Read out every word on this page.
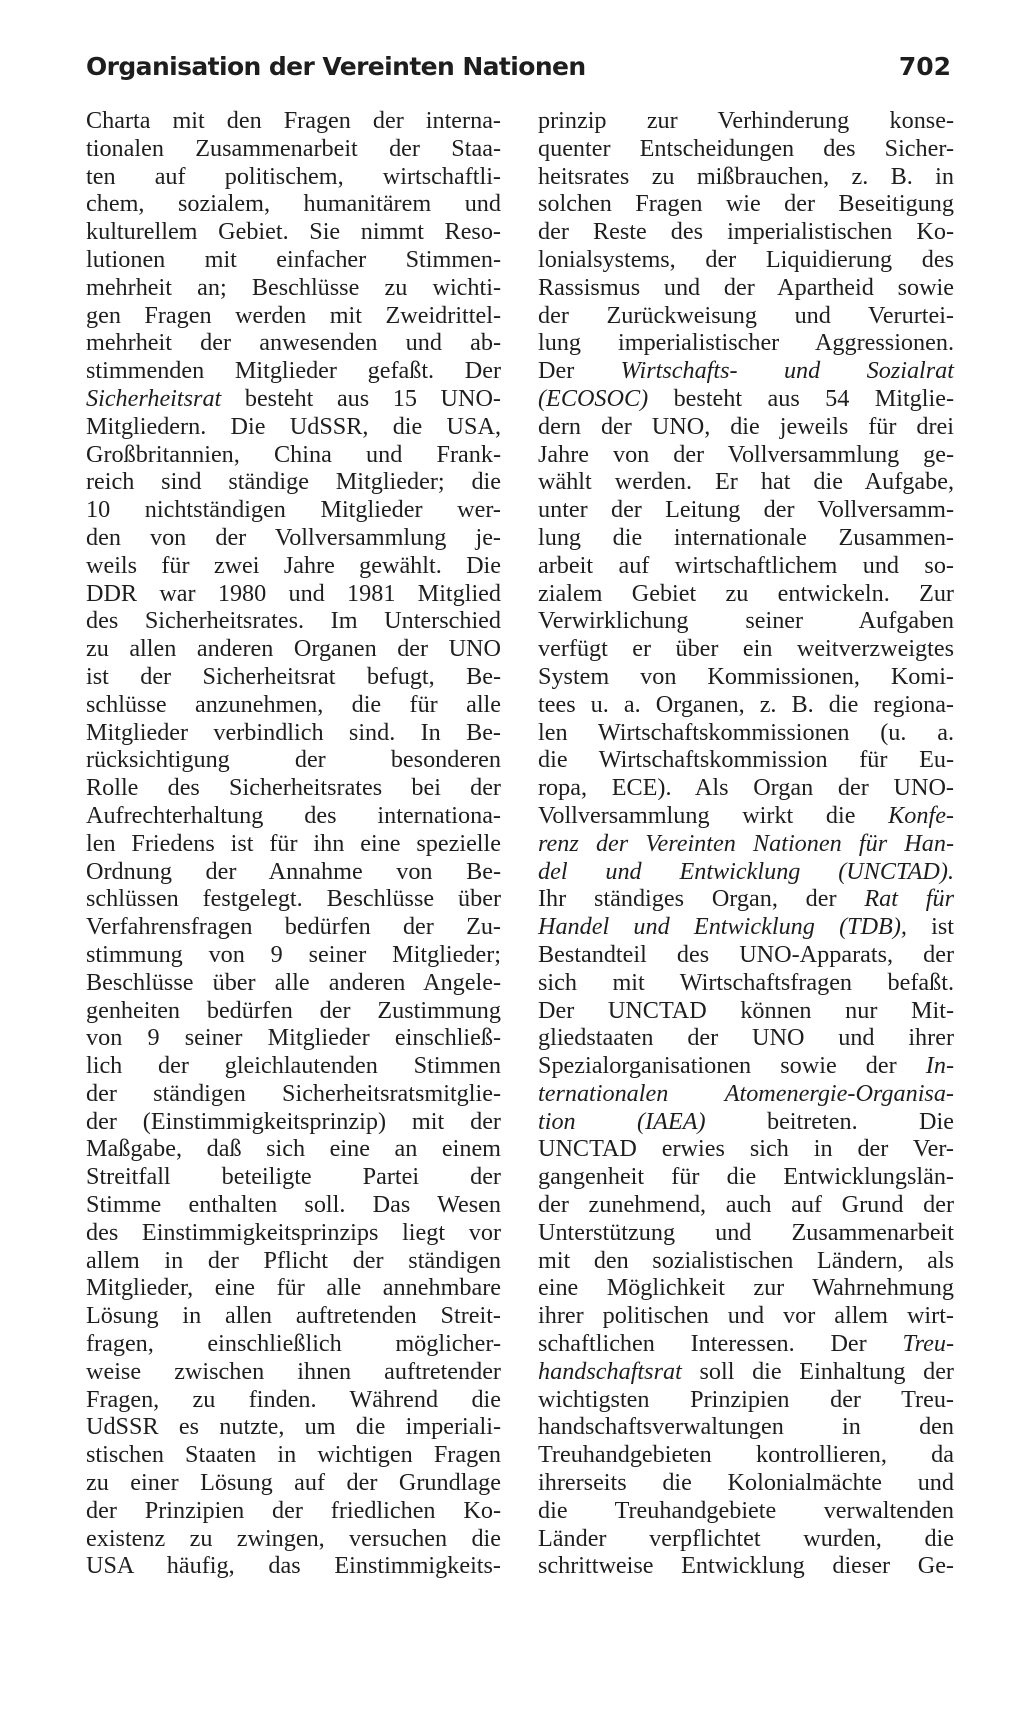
Organisation der Vereinten Nationen	702
Charta mit den Fragen der interna-
tionalen Zusammenarbeit der Staa-
ten auf politischem, wirtschaftli-
chem, sozialem, humanitärem und
kulturellem Gebiet. Sie nimmt Reso-
lutionen mit einfacher Stimmen-
mehrheit an; Beschlüsse zu wichti-
gen Fragen werden mit Zweidrittel-
mehrheit der anwesenden und ab-
stimmenden Mitglieder gefaßt. Der
Sicherheitsrat besteht aus 15 UNO-
Mitgliedern. Die UdSSR, die USA,
Großbritannien, China und Frank-
reich sind ständige Mitglieder; die
10 nichtständigen Mitglieder wer-
den von der Vollversammlung je-
weils für zwei Jahre gewählt. Die
DDR war 1980 und 1981 Mitglied
des Sicherheitsrates. Im Unterschied
zu allen anderen Organen der UNO
ist der Sicherheitsrat befugt, Be-
schlüsse anzunehmen, die für alle
Mitglieder verbindlich sind. In Be-
rücksichtigung der besonderen
Rolle des Sicherheitsrates bei der
Aufrechterhaltung des internationa-
len Friedens ist für ihn eine spezielle
Ordnung der Annahme von Be-
schlüssen festgelegt. Beschlüsse über
Verfahrensfragen bedürfen der Zu-
stimmung von 9 seiner Mitglieder;
Beschlüsse über alle anderen Angele-
genheiten bedürfen der Zustimmung
von 9 seiner Mitglieder einschließ-
lich der gleichlautenden Stimmen
der ständigen Sicherheitsratsmitglie-
der (Einstimmigkeitsprinzip) mit der
Maßgabe, daß sich eine an einem
Streitfall beteiligte Partei der
Stimme enthalten soll. Das Wesen
des Einstimmigkeitsprinzips liegt vor
allem in der Pflicht der ständigen
Mitglieder, eine für alle annehmbare
Lösung in allen auftretenden Streit-
fragen, einschließlich möglicher-
weise zwischen ihnen auftretender
Fragen, zu finden. Während die
UdSSR es nutzte, um die imperiali-
stischen Staaten in wichtigen Fragen
zu einer Lösung auf der Grundlage
der Prinzipien der friedlichen Ko-
existenz zu zwingen, versuchen die
USA häufig, das Einstimmigkeits-
prinzip zur Verhinderung konse-
quenter Entscheidungen des Sicher-
heitsrates zu mißbrauchen, z. B. in
solchen Fragen wie der Beseitigung
der Reste des imperialistischen Ko-
lonialsystems, der Liquidierung des
Rassismus und der Apartheid sowie
der Zurückweisung und Verurtei-
lung imperialistischer Aggressionen.
Der Wirtschafts- und Sozialrat
(ECOSOC) besteht aus 54 Mitglie-
dern der UNO, die jeweils für drei
Jahre von der Vollversammlung ge-
wählt werden. Er hat die Aufgabe,
unter der Leitung der Vollversamm-
lung die internationale Zusammen-
arbeit auf wirtschaftlichem und so-
zialem Gebiet zu entwickeln. Zur
Verwirklichung seiner Aufgaben
verfügt er über ein weitverzweigtes
System von Kommissionen, Komi-
tees u. a. Organen, z. B. die regiona-
len Wirtschaftskommissionen (u. a.
die Wirtschaftskommission für Eu-
ropa, ECE). Als Organ der UNO-
Vollversammlung wirkt die Konfe-
renz der Vereinten Nationen für Han-
del und Entwicklung (UNCTAD).
Ihr ständiges Organ, der Rat für
Handel und Entwicklung (TDB), ist
Bestandteil des UNO-Apparats, der
sich mit Wirtschaftsfragen befaßt.
Der UNCTAD können nur Mit-
gliedstaaten der UNO und ihrer
Spezialorganisationen sowie der In-
ternationalen Atomenergie-Organisa-
tion (IAEA) beitreten. Die
UNCTAD erwies sich in der Ver-
gangenheit für die Entwicklungslän-
der zunehmend, auch auf Grund der
Unterstützung und Zusammenarbeit
mit den sozialistischen Ländern, als
eine Möglichkeit zur Wahrnehmung
ihrer politischen und vor allem wirt-
schaftlichen Interessen. Der Treu-
handschaftsrat soll die Einhaltung der
wichtigsten Prinzipien der Treu-
handschaftsverwaltungen in den
Treuhandgebieten kontrollieren, da
ihrerseits die Kolonialmächte und
die Treuhandgebiete verwaltenden
Länder verpflichtet wurden, die
schrittweise Entwicklung dieser Ge-
